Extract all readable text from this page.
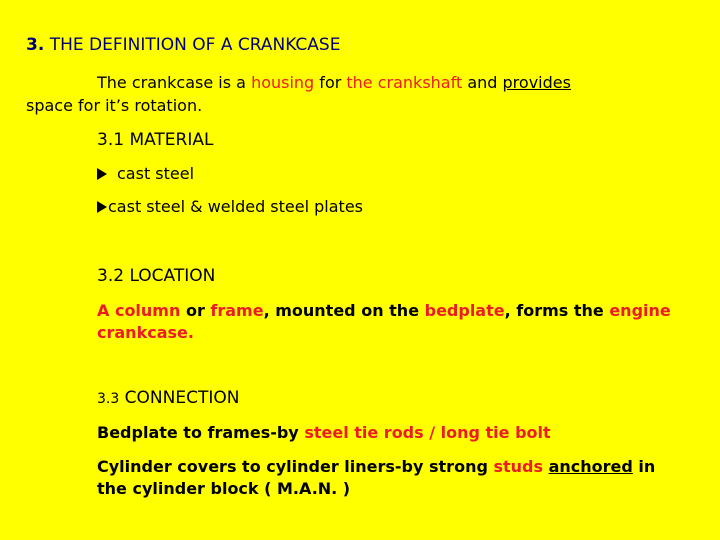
3. THE DEFINITION OF A CRANKCASE
The crankcase is a housing for the crankshaft and provides
space for it’s rotation.
3.1 MATERIAL
cast steel
cast steel & welded steel plates
3.2 LOCATION
A column or frame, mounted on the bedplate, forms the engine
crankcase.
3.3 CONNECTION
Bedplate to frames-by steel tie rods / long tie bolt
Cylinder covers to cylinder liners-by strong studs anchored in
the cylinder block ( M.A.N. )
